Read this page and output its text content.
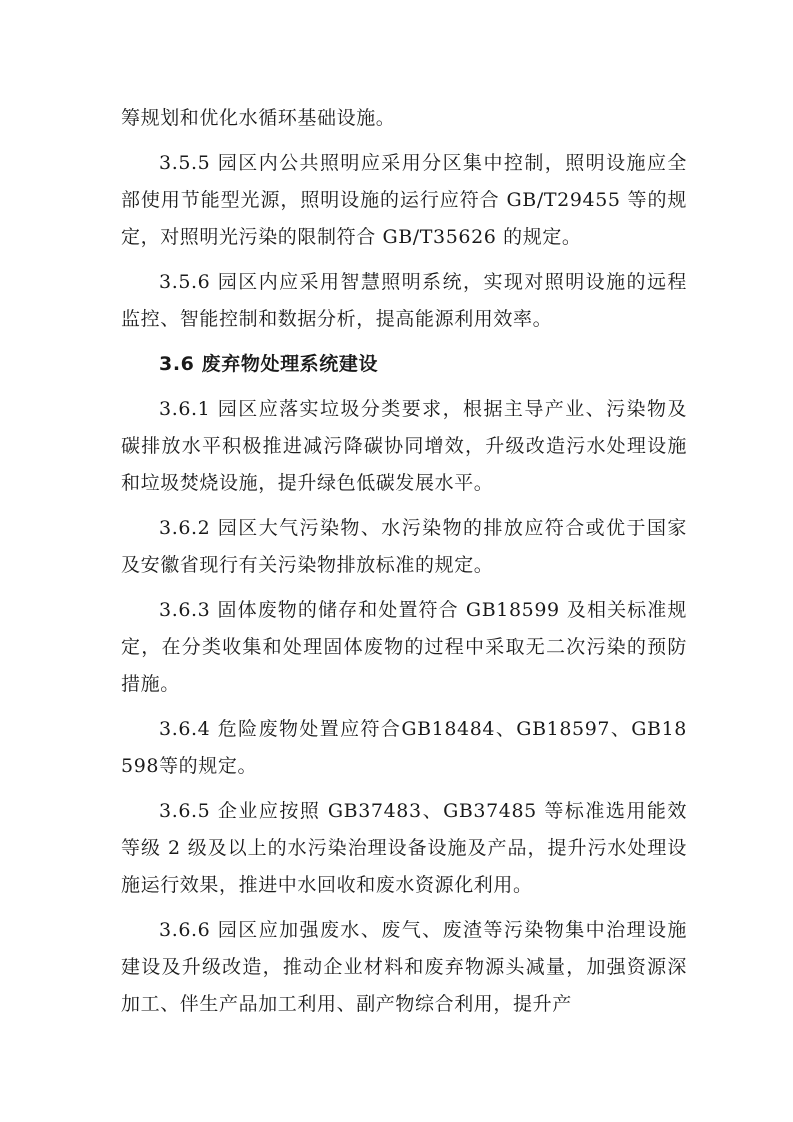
筹规划和优化水循环基础设施。

3.5.5 园区内公共照明应采用分区集中控制，照明设施应全部使用节能型光源，照明设施的运行应符合 GB/T29455 等的规定，对照明光污染的限制符合 GB/T35626 的规定。

3.5.6 园区内应采用智慧照明系统，实现对照明设施的远程监控、智能控制和数据分析，提高能源利用效率。

3.6 废弃物处理系统建设

3.6.1 园区应落实垃圾分类要求，根据主导产业、污染物及碳排放水平积极推进减污降碳协同增效，升级改造污水处理设施和垃圾焚烧设施，提升绿色低碳发展水平。

3.6.2 园区大气污染物、水污染物的排放应符合或优于国家及安徽省现行有关污染物排放标准的规定。

3.6.3 固体废物的储存和处置符合 GB18599 及相关标准规定，在分类收集和处理固体废物的过程中采取无二次污染的预防措施。

3.6.4 危险废物处置应符合GB18484、GB18597、GB18598等的规定。

3.6.5 企业应按照 GB37483、GB37485 等标准选用能效等级 2 级及以上的水污染治理设备设施及产品，提升污水处理设施运行效果，推进中水回收和废水资源化利用。

3.6.6 园区应加强废水、废气、废渣等污染物集中治理设施建设及升级改造，推动企业材料和废弃物源头减量，加强资源深加工、伴生产品加工利用、副产物综合利用，提升产
